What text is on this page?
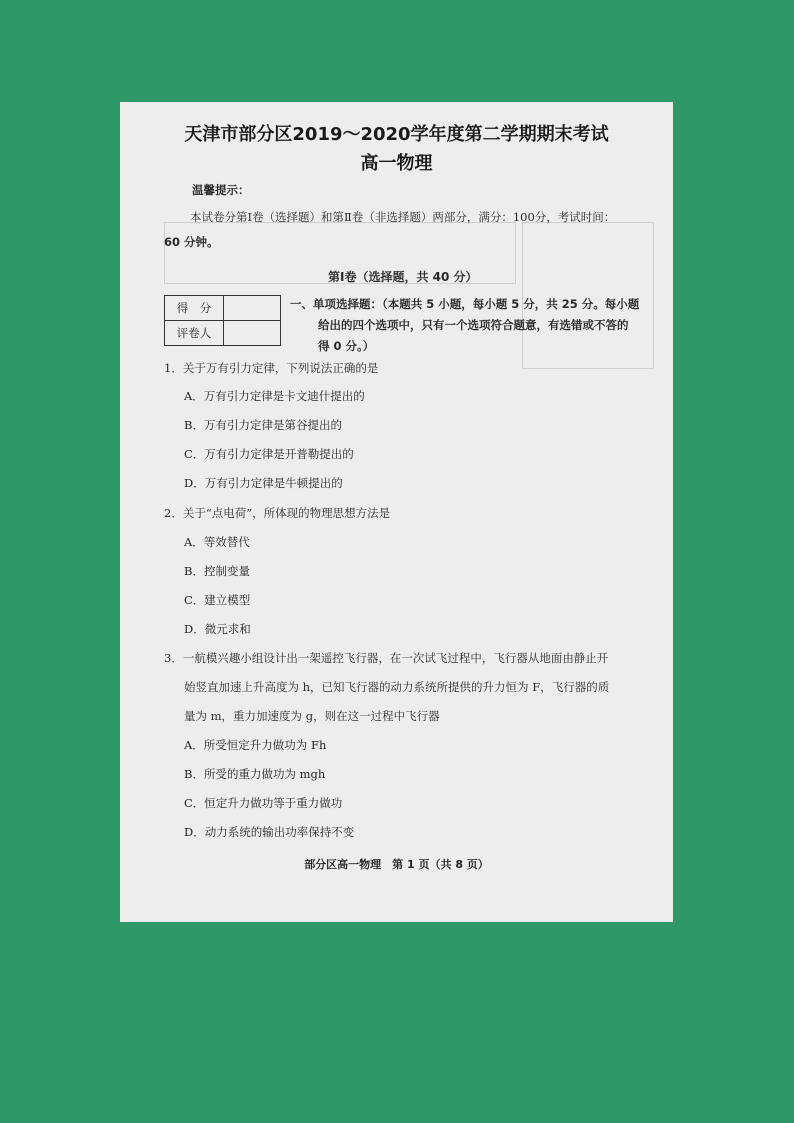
天津市部分区2019～2020学年度第二学期期末考试
高一物理
温馨提示：
本试卷分第Ⅰ卷（选择题）和第Ⅱ卷（非选择题）两部分，满分：100分，考试时间：
60 分钟。
第Ⅰ卷（选择题，共 40 分）
得　分	
评卷人	
一、单项选择题：（本题共 5 小题，每小题 5 分，共 25 分。每小题
给出的四个选项中，只有一个选项符合题意，有选错或不答的
得 0 分。）
1．关于万有引力定律，下列说法正确的是
A．万有引力定律是卡文迪什提出的
B．万有引力定律是第谷提出的
C．万有引力定律是开普勒提出的
D．万有引力定律是牛顿提出的
2．关于“点电荷”，所体现的物理思想方法是
A．等效替代
B．控制变量
C．建立模型
D．微元求和
3．一航模兴趣小组设计出一架遥控飞行器，在一次试飞过程中，飞行器从地面由静止开
始竖直加速上升高度为 h，已知飞行器的动力系统所提供的升力恒为 F，飞行器的质
量为 m，重力加速度为 g，则在这一过程中飞行器
A．所受恒定升力做功为 Fh
B．所受的重力做功为 mgh
C．恒定升力做功等于重力做功
D．动力系统的输出功率保持不变
部分区高一物理　第 1 页（共 8 页）
